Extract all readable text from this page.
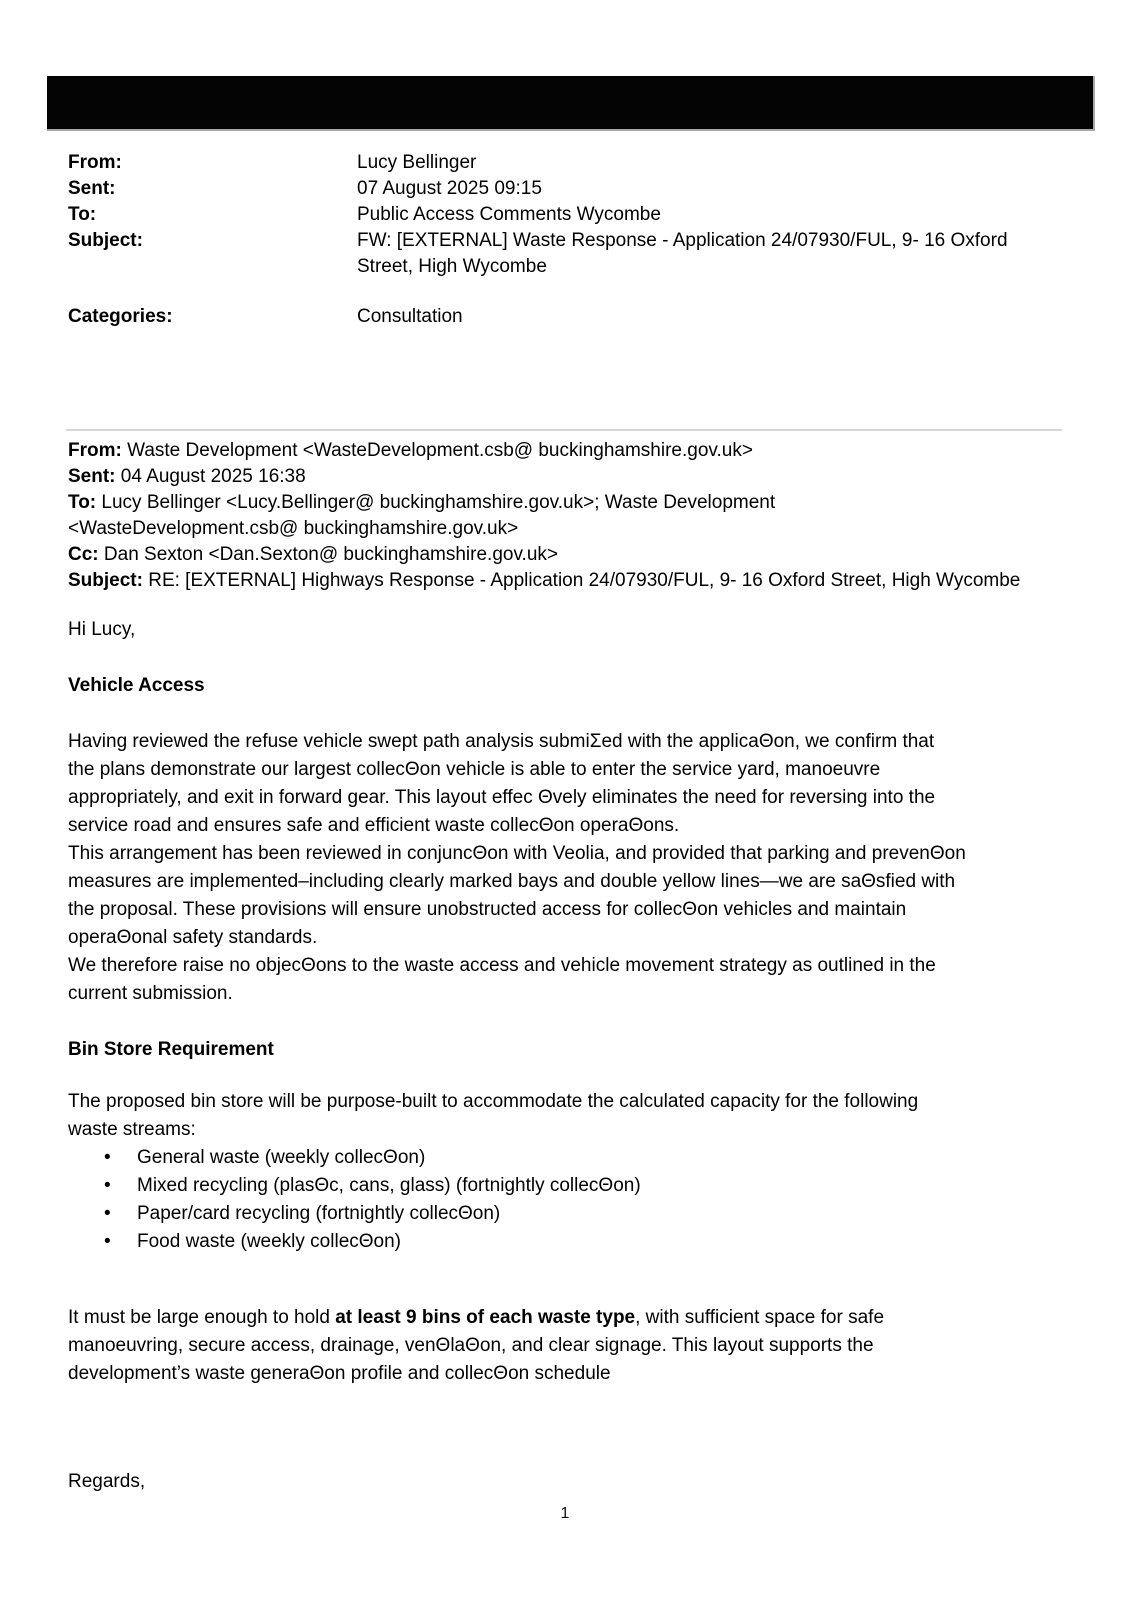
From:	Lucy Bellinger
Sent:	07 August 2025 09:15
To:	Public Access Comments Wycombe
Subject:	FW: [EXTERNAL] Waste Response - Application 24/07930/FUL, 9- 16 Oxford Street, High Wycombe
Categories:	Consultation
From: Waste Development <WasteDevelopment.csb@ buckinghamshire.gov.uk>
Sent: 04 August 2025 16:38
To: Lucy Bellinger <Lucy.Bellinger@ buckinghamshire.gov.uk>; Waste Development
<WasteDevelopment.csb@ buckinghamshire.gov.uk>
Cc: Dan Sexton <Dan.Sexton@ buckinghamshire.gov.uk>
Subject: RE: [EXTERNAL] Highways Response - Application 24/07930/FUL, 9- 16 Oxford Street, High Wycombe
Hi Lucy,
Vehicle Access
Having reviewed the refuse vehicle swept path analysis submiΣed with the applicaΘon, we confirm that
the plans demonstrate our largest collecΘon vehicle is able to enter the service yard, manoeuvre
appropriately, and exit in forward gear. This layout effec Θvely eliminates the need for reversing into the
service road and ensures safe and efficient waste collecΘon operaΘons.
This arrangement has been reviewed in conjuncΘon with Veolia, and provided that parking and prevenΘon
measures are implemented–including clearly marked bays and double yellow lines—we are saΘsfied with
the proposal. These provisions will ensure unobstructed access for collecΘon vehicles and maintain
operaΘonal safety standards.
We therefore raise no objecΘons to the waste access and vehicle movement strategy as outlined in the
current submission.
Bin Store Requirement
The proposed bin store will be purpose-built to accommodate the calculated capacity for the following
waste streams:
•	General waste (weekly collecΘon)
•	Mixed recycling (plasΘc, cans, glass) (fortnightly collecΘon)
•	Paper/card recycling (fortnightly collecΘon)
•	Food waste (weekly collecΘon)
It must be large enough to hold at least 9 bins of each waste type, with sufficient space for safe
manoeuvring, secure access, drainage, venΘlaΘon, and clear signage. This layout supports the
development’s waste generaΘon profile and collecΘon schedule
Regards,
1
